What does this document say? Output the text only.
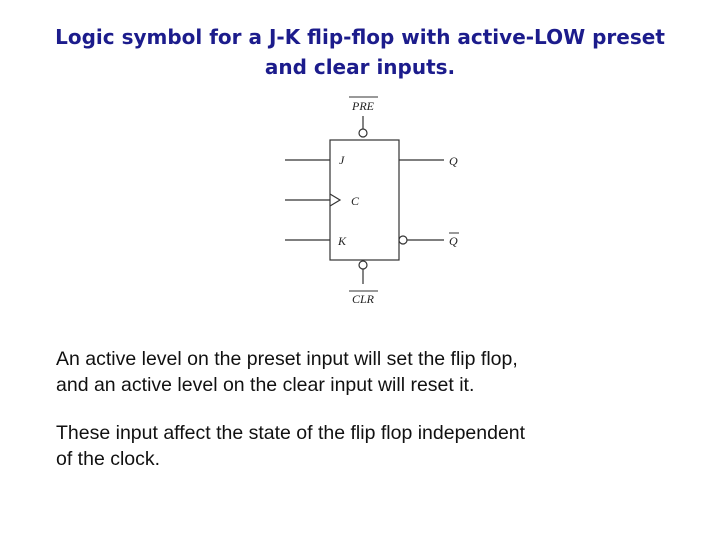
Logic symbol for a J-K flip-flop with active-LOW preset
and clear inputs.
PRE
J
C
K
Q
Q
CLR

An active level on the preset input will set the flip flop,
and an active level on the clear input will reset it.

These input affect the state of the flip flop independent
of the clock.
